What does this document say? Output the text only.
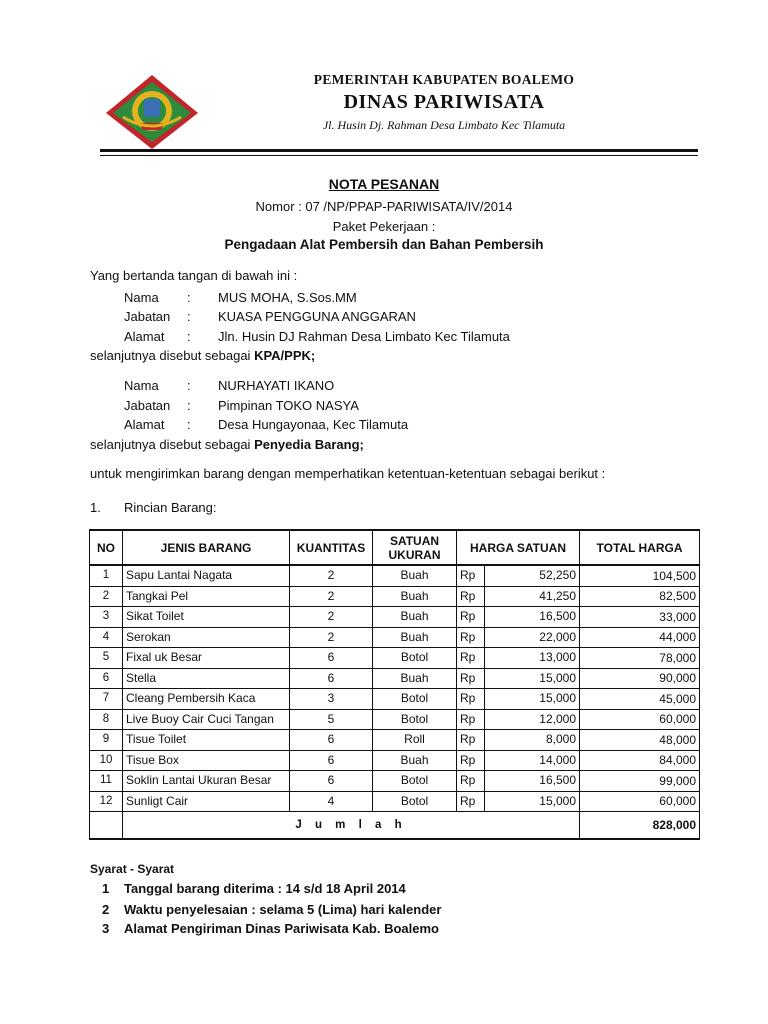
PEMERINTAH KABUPATEN BOALEMO
DINAS PARIWISATA
Jl. Husin Dj. Rahman Desa Limbato Kec Tilamuta
NOTA PESANAN
Nomor : 07 /NP/PPAP-PARIWISATA/IV/2014
Paket Pekerjaan :
Pengadaan Alat Pembersih dan Bahan Pembersih
Yang bertanda tangan di bawah ini :
Nama : MUS MOHA, S.Sos.MM
Jabatan : KUASA PENGGUNA ANGGARAN
Alamat : Jln. Husin DJ Rahman Desa Limbato Kec Tilamuta
selanjutnya disebut sebagai KPA/PPK;
Nama : NURHAYATI IKANO
Jabatan : Pimpinan TOKO NASYA
Alamat : Desa Hungayonaa, Kec Tilamuta
selanjutnya disebut sebagai Penyedia Barang;
untuk mengirimkan barang dengan memperhatikan ketentuan-ketentuan sebagai berikut :
1. Rincian Barang:
NO	JENIS BARANG	KUANTITAS	SATUAN
UKURAN	HARGA SATUAN		TOTAL HARGA
1	Sapu Lantai Nagata	2	Buah	Rp	52,250	104,500
2	Tangkai Pel	2	Buah	Rp	41,250	82,500
3	Sikat Toilet	2	Buah	Rp	16,500	33,000
4	Serokan	2	Buah	Rp	22,000	44,000
5	Fixal uk Besar	6	Botol	Rp	13,000	78,000
6	Stella	6	Buah	Rp	15,000	90,000
7	Cleang Pembersih Kaca	3	Botol	Rp	15,000	45,000
8	Live Buoy Cair Cuci Tangan	5	Botol	Rp	12,000	60,000
9	Tisue Toilet	6	Roll	Rp	8,000	48,000
10	Tisue Box	6	Buah	Rp	14,000	84,000
11	Soklin Lantai Ukuran Besar	6	Botol	Rp	16,500	99,000
12	Sunligt Cair	4	Botol	Rp	15,000	60,000
	J u m l a h					828,000
Syarat - Syarat
1 Tanggal barang diterima : 14 s/d 18 April 2014
2 Waktu penyelesaian : selama 5 (Lima) hari kalender
3 Alamat Pengiriman Dinas Pariwisata Kab. Boalemo
